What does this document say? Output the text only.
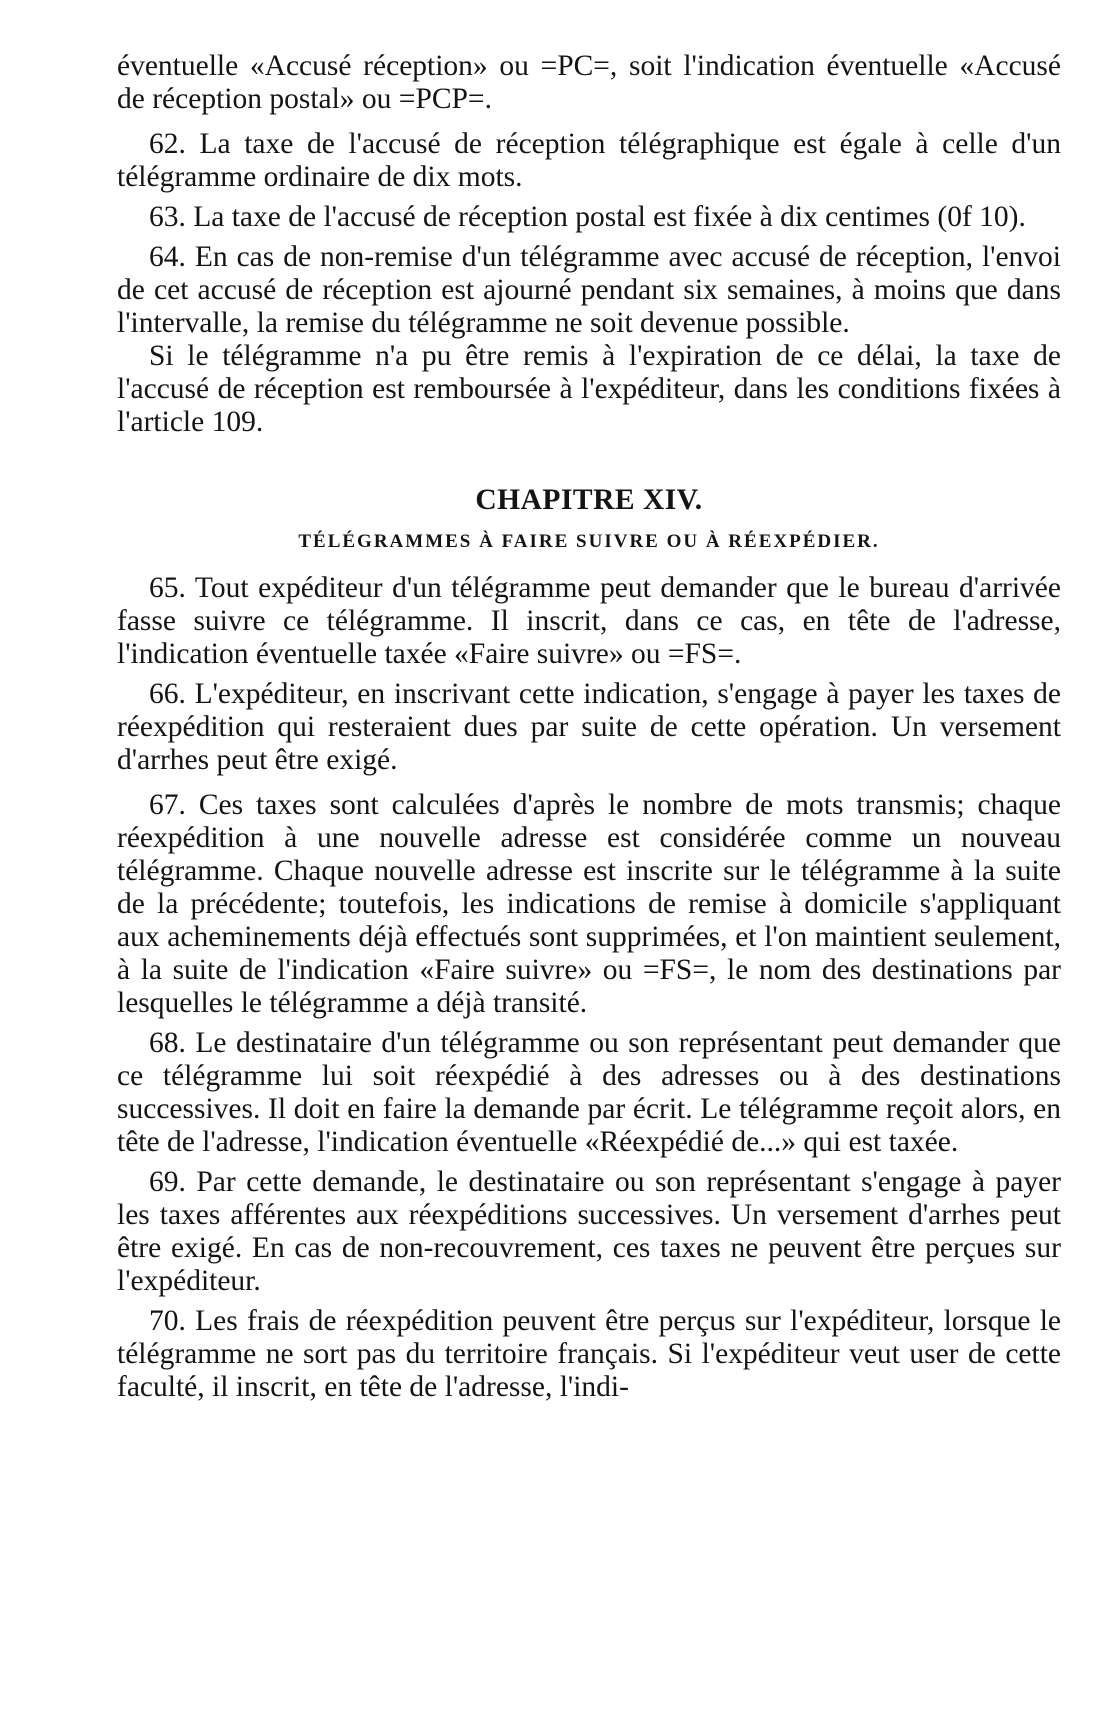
éventuelle «Accusé réception» ou =PC=, soit l'indication éventuelle «Accusé de réception postal» ou =PCP=.

62. La taxe de l'accusé de réception télégraphique est égale à celle d'un télégramme ordinaire de dix mots.

63. La taxe de l'accusé de réception postal est fixée à dix centimes (0f 10).

64. En cas de non-remise d'un télégramme avec accusé de réception, l'envoi de cet accusé de réception est ajourné pendant six semaines, à moins que dans l'intervalle, la remise du télégramme ne soit devenue possible.

Si le télégramme n'a pu être remis à l'expiration de ce délai, la taxe de l'accusé de réception est remboursée à l'expéditeur, dans les conditions fixées à l'article 109.

CHAPITRE XIV.
TÉLÉGRAMMES À FAIRE SUIVRE OU À RÉEXPÉDIER.

65. Tout expéditeur d'un télégramme peut demander que le bureau d'arrivée fasse suivre ce télégramme. Il inscrit, dans ce cas, en tête de l'adresse, l'indication éventuelle taxée «Faire suivre» ou =FS=.

66. L'expéditeur, en inscrivant cette indication, s'engage à payer les taxes de réexpédition qui resteraient dues par suite de cette opération. Un versement d'arrhes peut être exigé.

67. Ces taxes sont calculées d'après le nombre de mots transmis; chaque réexpédition à une nouvelle adresse est considérée comme un nouveau télégramme. Chaque nouvelle adresse est inscrite sur le télégramme à la suite de la précédente; toutefois, les indications de remise à domicile s'appliquant aux acheminements déjà effectués sont supprimées, et l'on maintient seulement, à la suite de l'indication «Faire suivre» ou =FS=, le nom des destinations par lesquelles le télégramme a déjà transité.

68. Le destinataire d'un télégramme ou son représentant peut demander que ce télégramme lui soit réexpédié à des adresses ou à des destinations successives. Il doit en faire la demande par écrit. Le télégramme reçoit alors, en tête de l'adresse, l'indication éventuelle «Réexpédié de...» qui est taxée.

69. Par cette demande, le destinataire ou son représentant s'engage à payer les taxes afférentes aux réexpéditions successives. Un versement d'arrhes peut être exigé. En cas de non-recouvrement, ces taxes ne peuvent être perçues sur l'expéditeur.

70. Les frais de réexpédition peuvent être perçus sur l'expéditeur, lorsque le télégramme ne sort pas du territoire français. Si l'expéditeur veut user de cette faculté, il inscrit, en tête de l'adresse, l'indi-
